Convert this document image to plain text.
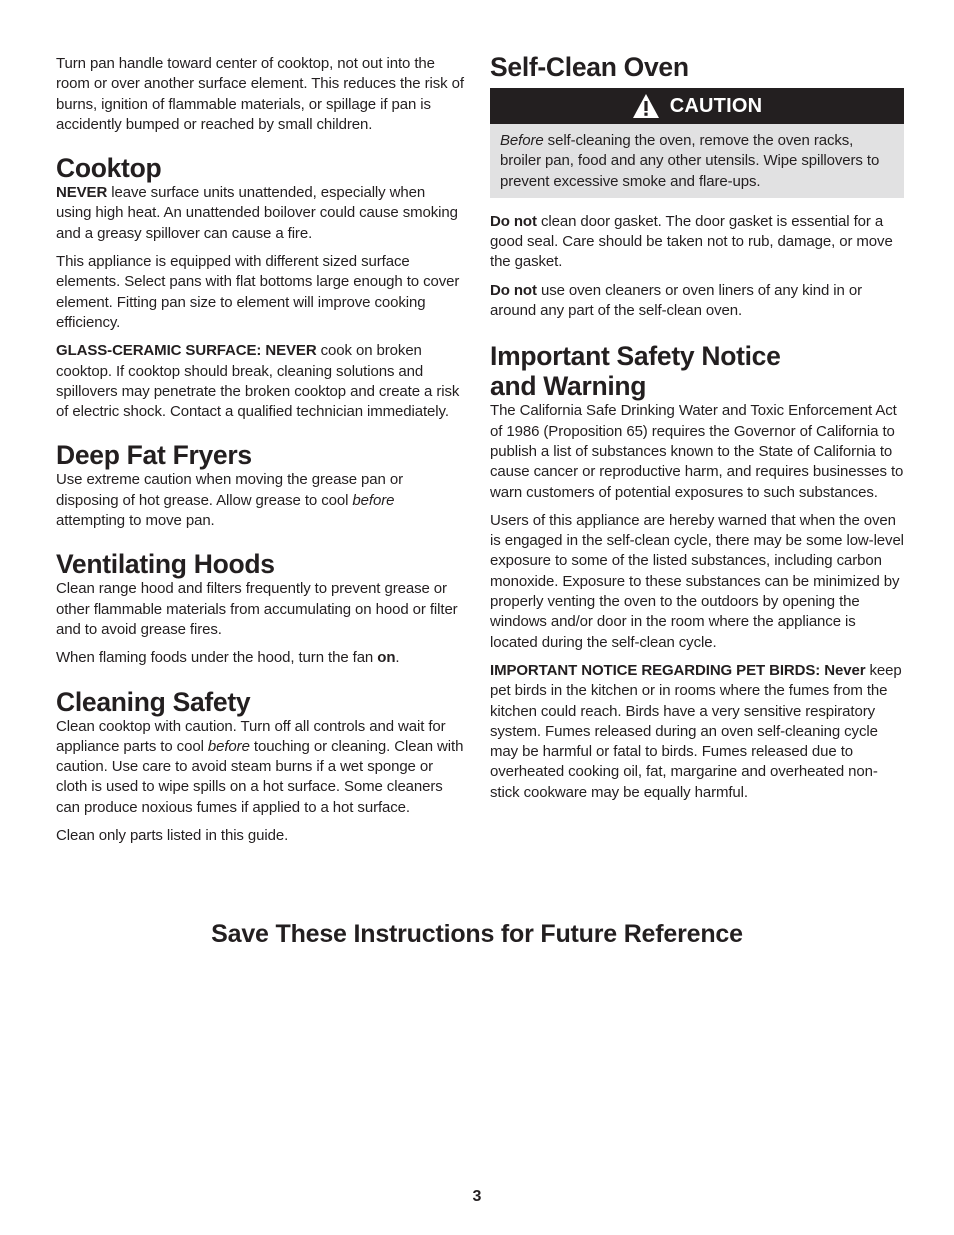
Turn pan handle toward center of cooktop, not out into the room or over another surface element. This reduces the risk of burns, ignition of flammable materials, or spillage if pan is accidently bumped or reached by small children.

Cooktop

NEVER leave surface units unattended, especially when using high heat. An unattended boilover could cause smoking and a greasy spillover can cause a fire.

This appliance is equipped with different sized surface elements. Select pans with flat bottoms large enough to cover element. Fitting pan size to element will improve cooking efficiency.

GLASS-CERAMIC SURFACE: NEVER cook on broken cooktop. If cooktop should break, cleaning solutions and spillovers may penetrate the broken cooktop and create a risk of electric shock. Contact a qualified technician immediately.

Deep Fat Fryers

Use extreme caution when moving the grease pan or disposing of hot grease. Allow grease to cool before attempting to move pan.

Ventilating Hoods

Clean range hood and filters frequently to prevent grease or other flammable materials from accumulating on hood or filter and to avoid grease fires.

When flaming foods under the hood, turn the fan on.

Cleaning Safety

Clean cooktop with caution. Turn off all controls and wait for appliance parts to cool before touching or cleaning. Clean with caution. Use care to avoid steam burns if a wet sponge or cloth is used to wipe spills on a hot surface. Some cleaners can produce noxious fumes if applied to a hot surface.

Clean only parts listed in this guide.

Self-Clean Oven
CAUTION

Before self-cleaning the oven, remove the oven racks, broiler pan, food and any other utensils. Wipe spillovers to prevent excessive smoke and flare-ups.

Do not clean door gasket. The door gasket is essential for a good seal. Care should be taken not to rub, damage, or move the gasket.

Do not use oven cleaners or oven liners of any kind in or around any part of the self-clean oven.

Important Safety Notice
and Warning

The California Safe Drinking Water and Toxic Enforcement Act of 1986 (Proposition 65) requires the Governor of California to publish a list of substances known to the State of California to cause cancer or reproductive harm, and requires businesses to warn customers of potential exposures to such substances.

Users of this appliance are hereby warned that when the oven is engaged in the self-clean cycle, there may be some low-level exposure to some of the listed substances, including carbon monoxide. Exposure to these substances can be minimized by properly venting the oven to the outdoors by opening the windows and/or door in the room where the appliance is located during the self-clean cycle.

IMPORTANT NOTICE REGARDING PET BIRDS: Never keep pet birds in the kitchen or in rooms where the fumes from the kitchen could reach. Birds have a very sensitive respiratory system. Fumes released during an oven self-cleaning cycle may be harmful or fatal to birds. Fumes released due to overheated cooking oil, fat, margarine and overheated non-stick cookware may be equally harmful.

Save These Instructions for Future Reference
3
